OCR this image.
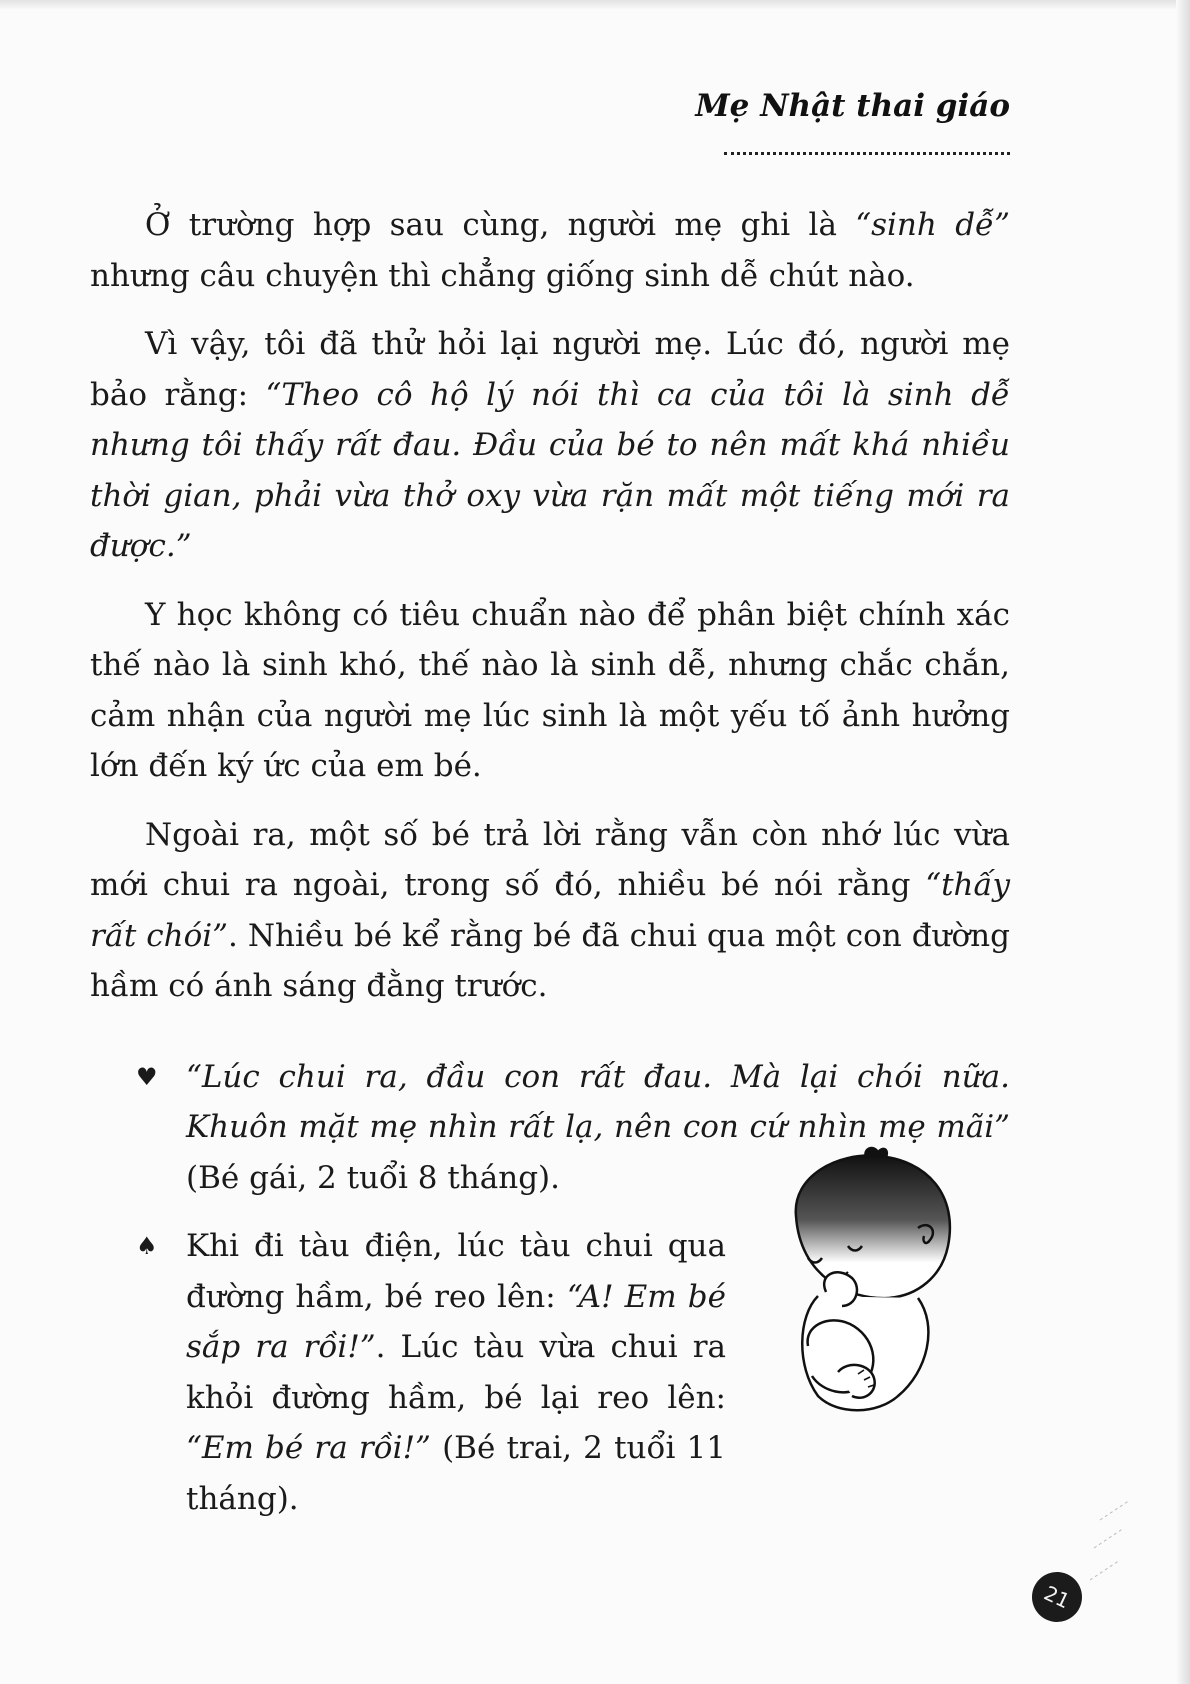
Mẹ Nhật thai giáo

Ở trường hợp sau cùng, người mẹ ghi là “sinh dễ” nhưng câu chuyện thì chẳng giống sinh dễ chút nào.

Vì vậy, tôi đã thử hỏi lại người mẹ. Lúc đó, người mẹ bảo rằng: “Theo cô hộ lý nói thì ca của tôi là sinh dễ nhưng tôi thấy rất đau. Đầu của bé to nên mất khá nhiều thời gian, phải vừa thở oxy vừa rặn mất một tiếng mới ra được.”

Y học không có tiêu chuẩn nào để phân biệt chính xác thế nào là sinh khó, thế nào là sinh dễ, nhưng chắc chắn, cảm nhận của người mẹ lúc sinh là một yếu tố ảnh hưởng lớn đến ký ức của em bé.

Ngoài ra, một số bé trả lời rằng vẫn còn nhớ lúc vừa mới chui ra ngoài, trong số đó, nhiều bé nói rằng “thấy rất chói”. Nhiều bé kể rằng bé đã chui qua một con đường hầm có ánh sáng đằng trước.

♥ “Lúc chui ra, đầu con rất đau. Mà lại chói nữa. Khuôn mặt mẹ nhìn rất lạ, nên con cứ nhìn mẹ mãi” (Bé gái, 2 tuổi 8 tháng).
♠ Khi đi tàu điện, lúc tàu chui qua đường hầm, bé reo lên: “A! Em bé sắp ra rồi!”. Lúc tàu vừa chui ra khỏi đường hầm, bé lại reo lên: “Em bé ra rồi!” (Bé trai, 2 tuổi 11 tháng).
21
